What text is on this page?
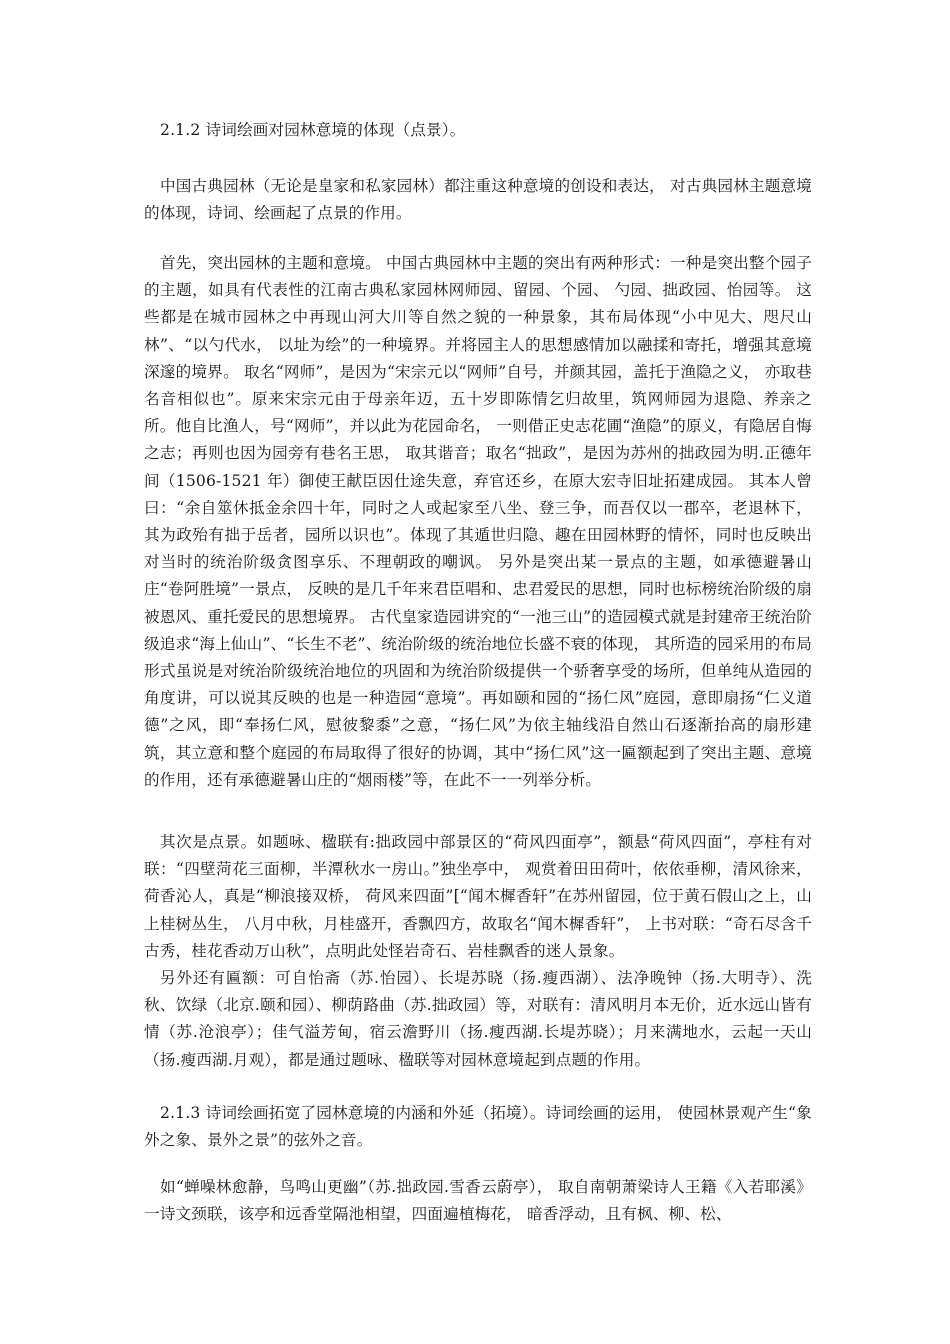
2.1.2 诗词绘画对园林意境的体现（点景）。

中国古典园林（无论是皇家和私家园林）都注重这种意境的创设和表达， 对古典园林主题意境的体现，诗词、绘画起了点景的作用。

首先，突出园林的主题和意境。 中国古典园林中主题的突出有两种形式：一种是突出整个园子的主题，如具有代表性的江南古典私家园林网师园、留园、个园、 勺园、拙政园、怡园等。 这些都是在城市园林之中再现山河大川等自然之貌的一种景象，其布局体现“小中见大、咫尺山林”、“以勺代水， 以址为绘”的一种境界。并将园主人的思想感情加以融揉和寄托，增强其意境深邃的境界。 取名“网师”，是因为“宋宗元以“网师”自号，并颜其园，盖托于渔隐之义， 亦取巷名音相似也”。原来宋宗元由于母亲年迈，五十岁即陈情乞归故里，筑网师园为退隐、养亲之所。他自比渔人，号“网师”，并以此为花园命名， 一则借正史志花圃“渔隐”的原义，有隐居自悔之志；再则也因为园旁有巷名王思， 取其谐音；取名“拙政”，是因为苏州的拙政园为明.正德年间（1506-1521 年）御使王献臣因仕途失意，弃官还乡，在原大宏寺旧址拓建成园。 其本人曾曰：“余自筮休抵金余四十年，同时之人或起家至八坐、登三争，而吾仅以一郡卒，老退林下， 其为政殆有拙于岳者，园所以识也”。体现了其遁世归隐、趣在田园林野的情怀，同时也反映出对当时的统治阶级贪图享乐、不理朝政的嘲讽。 另外是突出某一景点的主题，如承德避暑山庄“卷阿胜境”一景点， 反映的是几千年来君臣唱和、忠君爱民的思想，同时也标榜统治阶级的扇被恩风、重托爱民的思想境界。 古代皇家造园讲究的“一池三山”的造园模式就是封建帝王统治阶级追求“海上仙山”、“长生不老”、统治阶级的统治地位长盛不衰的体现， 其所造的园采用的布局形式虽说是对统治阶级统治地位的巩固和为统治阶级提供一个骄奢享受的场所，但单纯从造园的角度讲，可以说其反映的也是一种造园“意境”。再如颐和园的“扬仁风”庭园，意即扇扬“仁义道德”之风，即“奉扬仁风，慰彼黎黍”之意，“扬仁风”为依主轴线沿自然山石逐渐抬高的扇形建筑，其立意和整个庭园的布局取得了很好的协调，其中“扬仁风”这一匾额起到了突出主题、意境的作用，还有承德避暑山庄的“烟雨楼”等，在此不一一列举分析。

其次是点景。如题咏、楹联有:拙政园中部景区的“荷风四面亭”，额悬“荷风四面”，亭柱有对联：“四壁菏花三面柳，半潭秋水一房山。”独坐亭中， 观赏着田田荷叶，依依垂柳，清风徐来，荷香沁人，真是“柳浪接双桥， 荷风来四面”[“闻木樨香轩”在苏州留园，位于黄石假山之上，山上桂树丛生， 八月中秋，月桂盛开，香飘四方，故取名“闻木樨香轩”， 上书对联：“奇石尽含千古秀，桂花香动万山秋”，点明此处怪岩奇石、岩桂飘香的迷人景象。

另外还有匾额：可自怡斋（苏.怡园）、长堤苏晓（扬.瘦西湖）、法净晚钟（扬.大明寺）、洗秋、饮绿（北京.颐和园）、柳荫路曲（苏.拙政园）等，对联有：清风明月本无价，近水远山皆有情（苏.沧浪亭）；佳气溢芳甸，宿云澹野川（扬.瘦西湖.长堤苏晓）；月来满地水，云起一天山（扬.瘦西湖.月观），都是通过题咏、楹联等对园林意境起到点题的作用。

2.1.3 诗词绘画拓宽了园林意境的内涵和外延（拓境）。诗词绘画的运用， 使园林景观产生“象外之象、景外之景”的弦外之音。

如“蝉噪林愈静，鸟鸣山更幽”（苏.拙政园.雪香云蔚亭）， 取自南朝萧梁诗人王籍《入若耶溪》一诗文颈联，该亭和远香堂隔池相望，四面遍植梅花， 暗香浮动，且有枫、柳、松、
